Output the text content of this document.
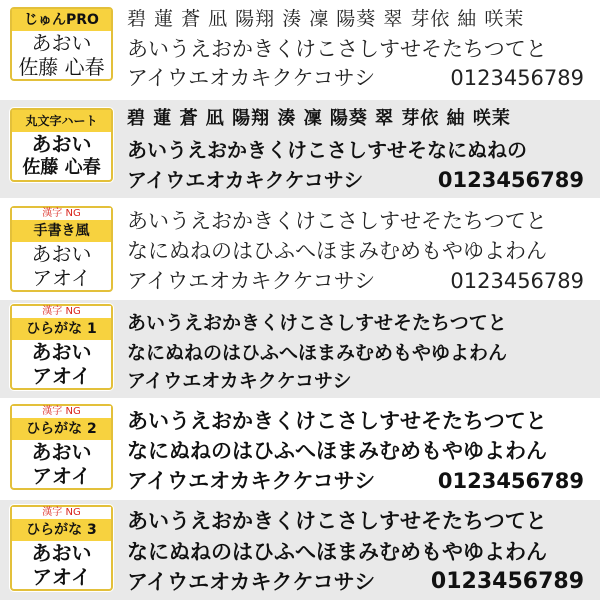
じゅんPRO
あおい
佐藤 心春
碧 蓮 蒼 凪 陽翔 湊 凜 陽葵 翠 芽依 紬 咲茉
あいうえおかきくけこさしすせそたちつてと
アイウエオカキクケコサシ	0123456789
丸文字ハート
あおい
佐藤 心春
碧 蓮 蒼 凪 陽翔 湊 凜 陽葵 翠 芽依 紬 咲茉
あいうえおかきくけこさしすせそなにぬねの
アイウエオカキクケコサシ	0123456789
漢字 NG
手書き風
あおい
アオイ
あいうえおかきくけこさしすせそたちつてと
なにぬねのはひふへほまみむめもやゆよわん
アイウエオカキクケコサシ	0123456789
漢字 NG
ひらがな 1
あおい
アオイ
あいうえおかきくけこさしすせそたちつてと
なにぬねのはひふへほまみむめもやゆよわん
アイウエオカキクケコサシ
漢字 NG
ひらがな 2
あおい
アオイ
あいうえおかきくけこさしすせそたちつてと
なにぬねのはひふへほまみむめもやゆよわん
アイウエオカキクケコサシ	0123456789
漢字 NG
ひらがな 3
あおい
アオイ
あいうえおかきくけこさしすせそたちつてと
なにぬねのはひふへほまみむめもやゆよわん
アイウエオカキクケコサシ	0123456789
